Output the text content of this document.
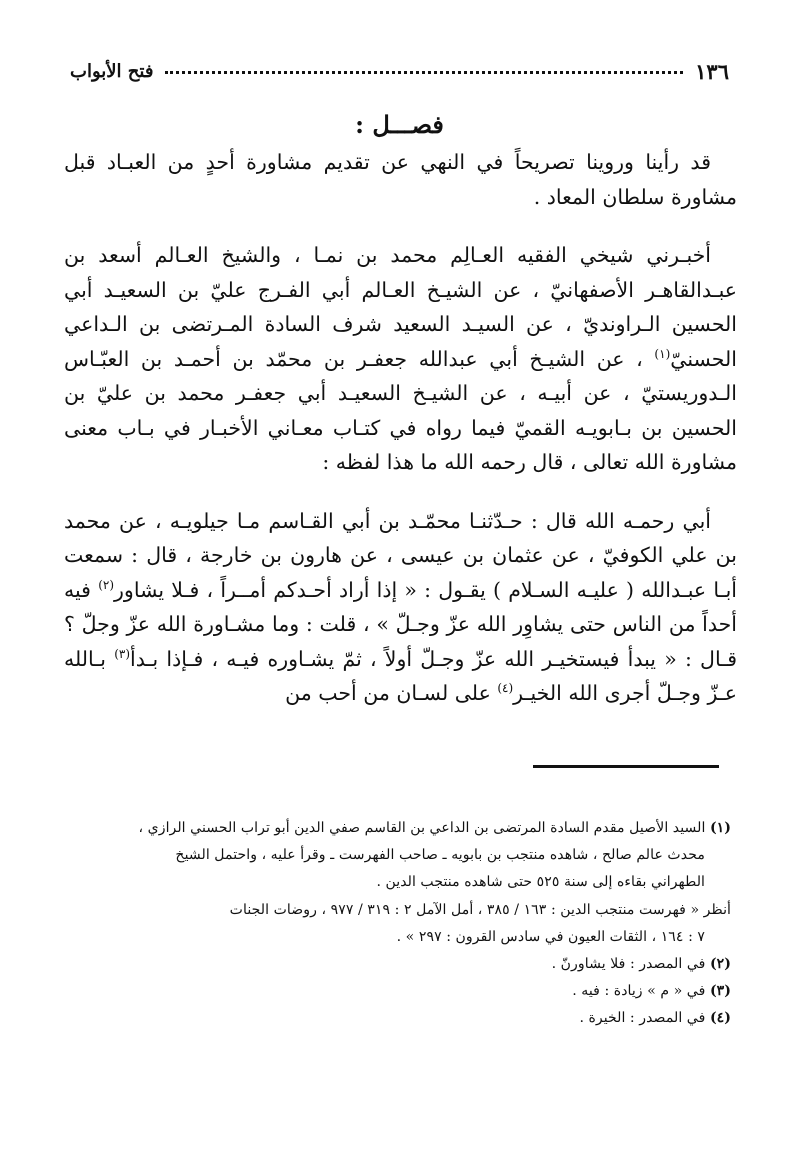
١٣٦
فتح الأبواب
فصـــل :

قد رأينا وروينا تصريحاً في النهي عن تقديم مشاورة أحدٍ من العبـاد قبل مشاورة سلطان المعاد .

أخبـرني شيخي الفقيه العـالِم محمد بن نمـا ، والشيخ العـالم أسعد بن عبـدالقاهـر الأصفهانيّ ، عن الشيـخ العـالم أبي الفـرج عليّ بن السعيـد أبي الحسين الـراونديّ ، عن السيـد السعيد شرف السادة المـرتضى بن الـداعي الحسنيّ$^{(١)}$ ، عن الشيـخ أبي عبدالله جعفـر بن محمّد بن أحمـد بن العبّـاس الـدوريستيّ ، عن أبيـه ، عن الشيـخ السعيـد أبي جعفـر محمد بن عليّ بن الحسين بن بـابويـه القميّ فيما رواه في كتـاب معـاني الأخبـار في بـاب معنى مشاورة الله تعالى ، قال رحمه الله ما هذا لفظه :

أبي رحمـه الله قال : حـدّثنـا محمّـد بن أبي القـاسم مـا جيلويـه ، عن محمد بن علي الكوفيّ ، عن عثمان بن عيسى ، عن هارون بن خارجة ، قال : سمعت أبـا عبـدالله ( عليـه السـلام ) يقـول : « إذا أراد أحـدكم أمــراً ، فـلا يشاور$^{(٢)}$ فيه أحداً من الناس حتى يشاوِر الله عزّ وجـلّ » ، قلت : وما مشـاورة الله عزّ وجلّ ؟ قـال : « يبدأ فيستخيـر الله عزّ وجـلّ أولاً ، ثمّ يشـاوره فيـه ، فـإذا بـدأ$^{(٣)}$ بـالله عـزّ وجـلّ أجرى الله الخيـر$^{(٤)}$ على لسـان من أحب من

(١) السيد الأصيل مقدم السادة المرتضى بن الداعي بن القاسم صفي الدين أبو تراب الحسني الرازي ،
محدث عالم صالح ، شاهده منتجب بن بابويه ـ صاحب الفهرست ـ وقرأ عليه ، واحتمل الشيخ
الطهراني بقاءه إلى سنة ٥٢٥ حتى شاهده منتجب الدين .
أنظر « فهرست منتجب الدين : ١٦٣ / ٣٨٥ ، أمل الآمل ٢ : ٣١٩ / ٩٧٧ ، روضات الجنات
٧ : ١٦٤ ، الثقات العيون في سادس القرون : ٢٩٧ » .
(٢) في المصدر : فلا يشاورنّ .
(٣) في « م » زيادة : فيه .
(٤) في المصدر : الخيرة .
